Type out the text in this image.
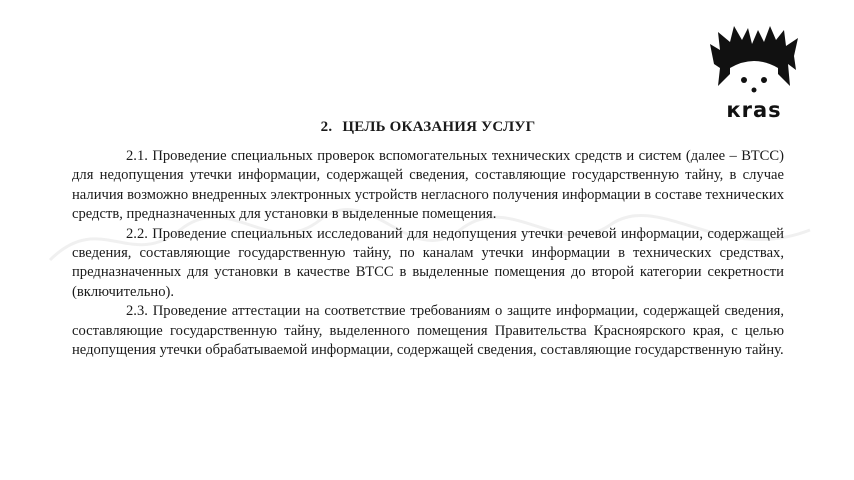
кras
2. ЦЕЛЬ ОКАЗАНИЯ УСЛУГ

2.1. Проведение специальных проверок вспомогательных технических средств и систем (далее – ВТСС) для недопущения утечки информации, содержащей сведения, составляющие государственную тайну, в случае наличия возможно внедренных электронных устройств негласного получения информации в составе технических средств, предназначенных для установки в выделенные помещения.

2.2. Проведение специальных исследований для недопущения утечки речевой информации, содержащей сведения, составляющие государственную тайну, по каналам утечки информации в технических средствах, предназначенных для установки в качестве ВТСС в выделенные помещения до второй категории секретности (включительно).

2.3. Проведение аттестации на соответствие требованиям о защите информации, содержащей сведения, составляющие государственную тайну, выделенного помещения Правительства Красноярского края, с целью недопущения утечки обрабатываемой информации, содержащей сведения, составляющие государственную тайну.
